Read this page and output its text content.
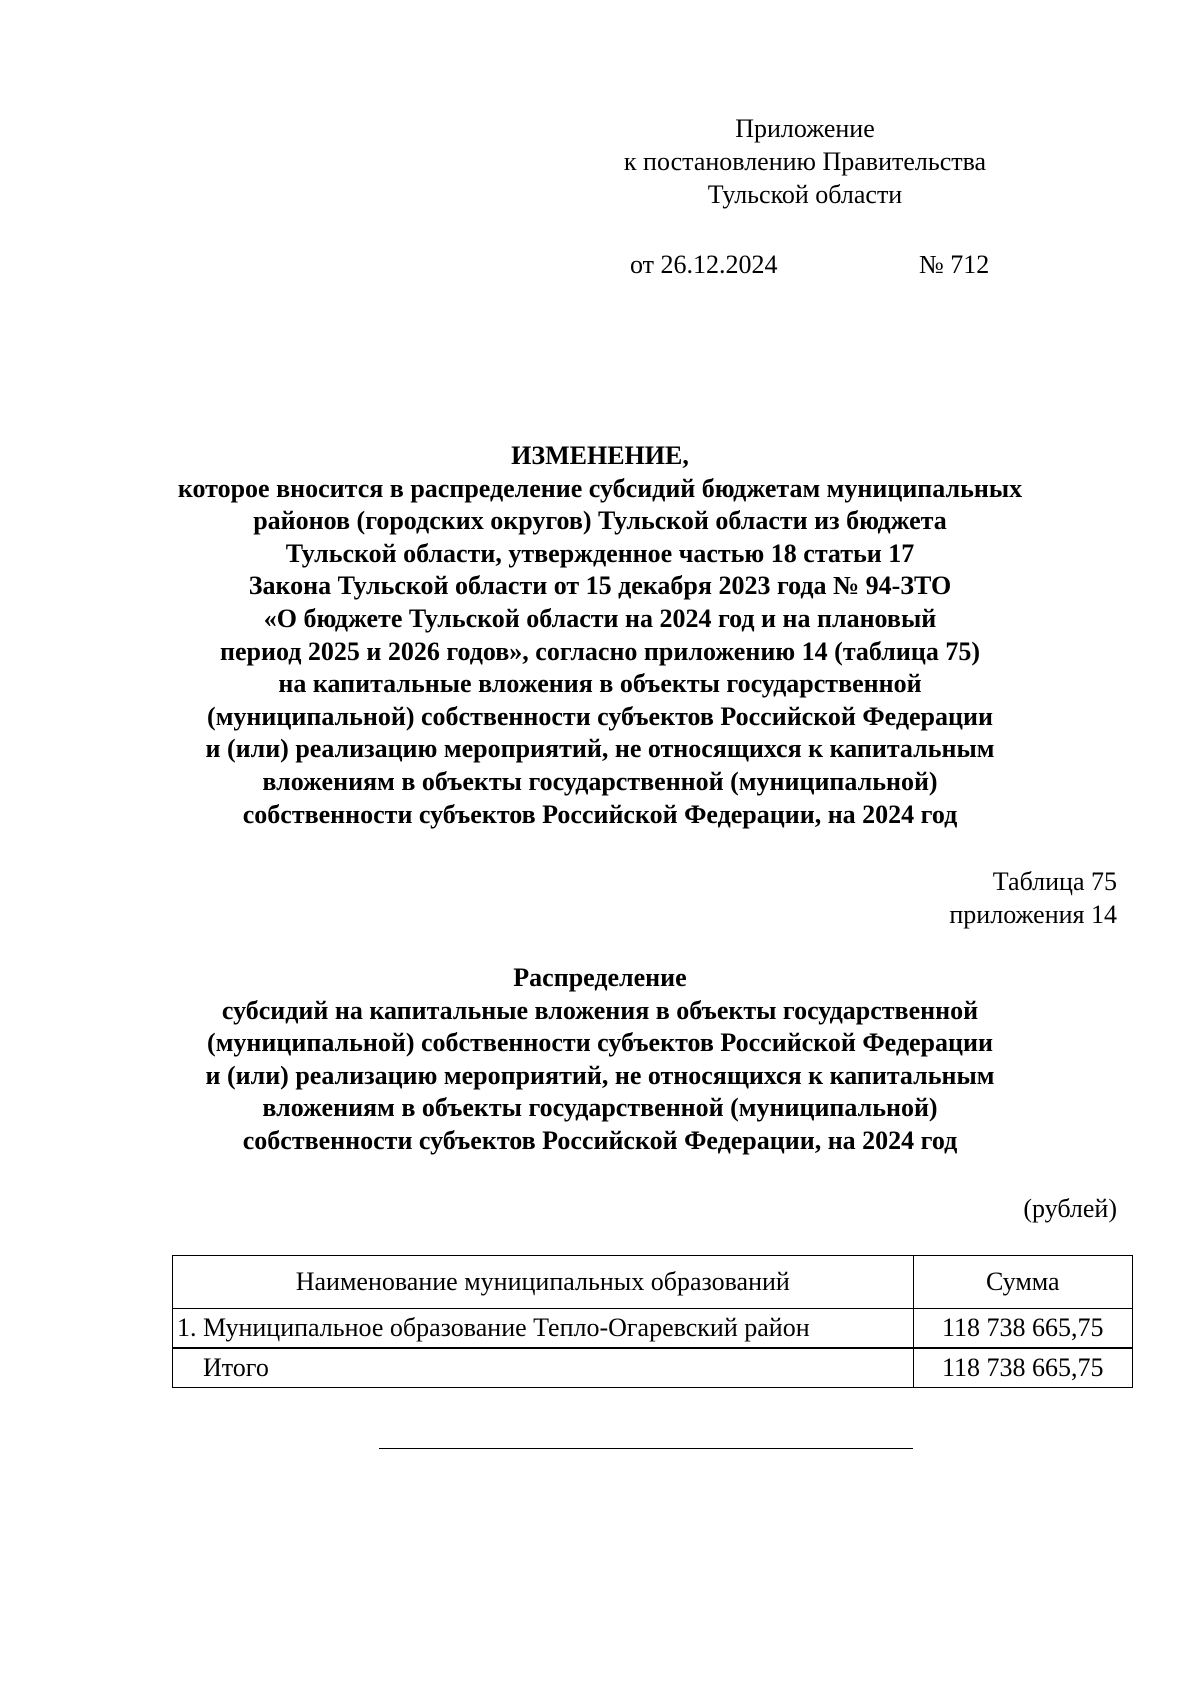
Приложение
к постановлению Правительства
Тульской области
от 26.12.2024	№ 712
ИЗМЕНЕНИЕ,
которое вносится в распределение субсидий бюджетам муниципальных
районов (городских округов) Тульской области из бюджета
Тульской области, утвержденное частью 18 статьи 17
Закона Тульской области от 15 декабря 2023 года № 94-ЗТО
«О бюджете Тульской области на 2024 год и на плановый
период 2025 и 2026 годов», согласно приложению 14 (таблица 75)
на капитальные вложения в объекты государственной
(муниципальной) собственности субъектов Российской Федерации
и (или) реализацию мероприятий, не относящихся к капитальным
вложениям в объекты государственной (муниципальной)
собственности субъектов Российской Федерации, на 2024 год
Таблица 75
приложения 14
Распределение
субсидий на капитальные вложения в объекты государственной
(муниципальной) собственности субъектов Российской Федерации
и (или) реализацию мероприятий, не относящихся к капитальным
вложениям в объекты государственной (муниципальной)
собственности субъектов Российской Федерации, на 2024 год
(рублей)
Наименование муниципальных образований	Сумма
1. Муниципальное образование Тепло-Огаревский район	118 738 665,75
Итого	118 738 665,75
